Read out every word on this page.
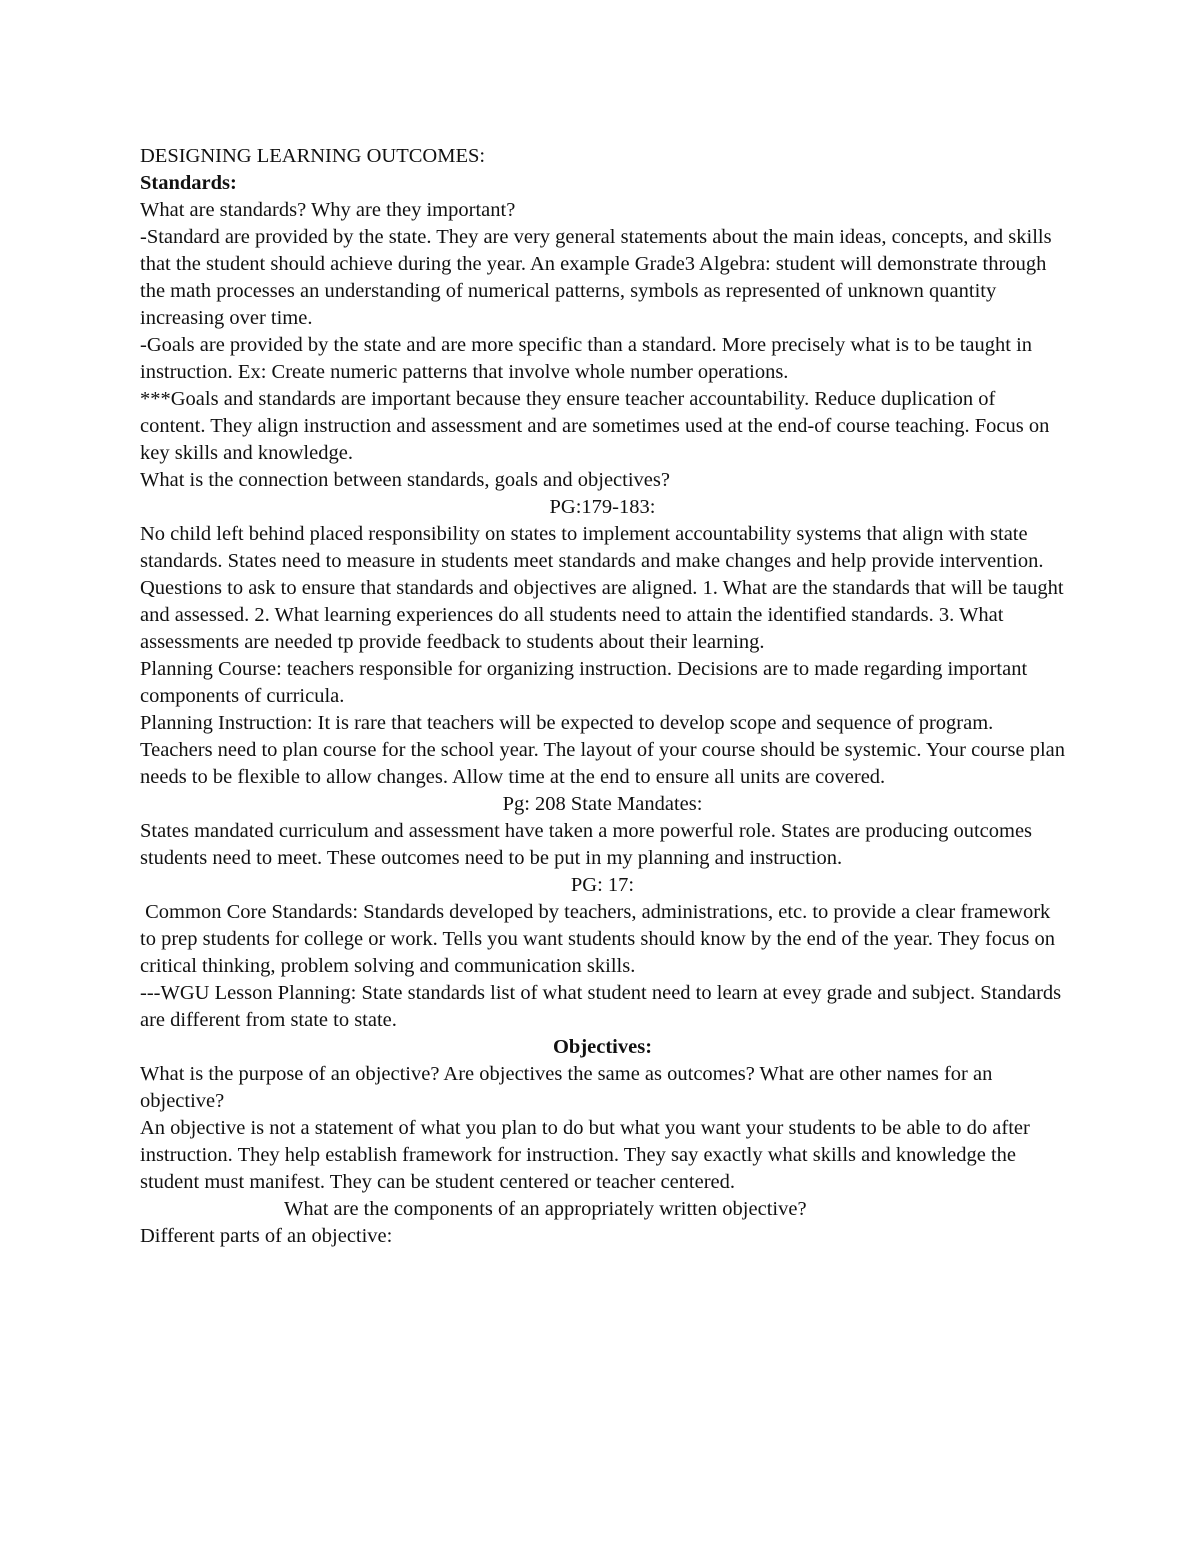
DESIGNING LEARNING OUTCOMES:

Standards:

What are standards? Why are they important?

-Standard are provided by the state. They are very general statements about the main ideas, concepts, and skills that the student should achieve during the year. An example Grade3 Algebra: student will demonstrate through the math processes an understanding of numerical patterns, symbols as represented of unknown quantity increasing over time.

-Goals are provided by the state and are more specific than a standard. More precisely what is to be taught in instruction. Ex: Create numeric patterns that involve whole number operations.

***Goals and standards are important because they ensure teacher accountability. Reduce duplication of content. They align instruction and assessment and are sometimes used at the end-of course teaching. Focus on key skills and knowledge.

What is the connection between standards, goals and objectives?

PG:179-183:

No child left behind placed responsibility on states to implement accountability systems that align with state standards. States need to measure in students meet standards and make changes and help provide intervention. Questions to ask to ensure that standards and objectives are aligned. 1. What are the standards that will be taught and assessed. 2. What learning experiences do all students need to attain the identified standards. 3. What assessments are needed tp provide feedback to students about their learning.

Planning Course: teachers responsible for organizing instruction. Decisions are to made regarding important components of curricula.

Planning Instruction: It is rare that teachers will be expected to develop scope and sequence of program. Teachers need to plan course for the school year. The layout of your course should be systemic. Your course plan needs to be flexible to allow changes. Allow time at the end to ensure all units are covered.

Pg: 208 State Mandates:

States mandated curriculum and assessment have taken a more powerful role. States are producing outcomes students need to meet. These outcomes need to be put in my planning and instruction.

PG: 17:

Common Core Standards: Standards developed by teachers, administrations, etc. to provide a clear framework to prep students for college or work. Tells you want students should know by the end of the year. They focus on critical thinking, problem solving and communication skills.

---WGU Lesson Planning: State standards list of what student need to learn at evey grade and subject. Standards are different from state to state.

Objectives:

What is the purpose of an objective? Are objectives the same as outcomes? What are other names for an objective?

An objective is not a statement of what you plan to do but what you want your students to be able to do after instruction. They help establish framework for instruction. They say exactly what skills and knowledge the student must manifest. They can be student centered or teacher centered.

What are the components of an appropriately written objective?

Different parts of an objective:
